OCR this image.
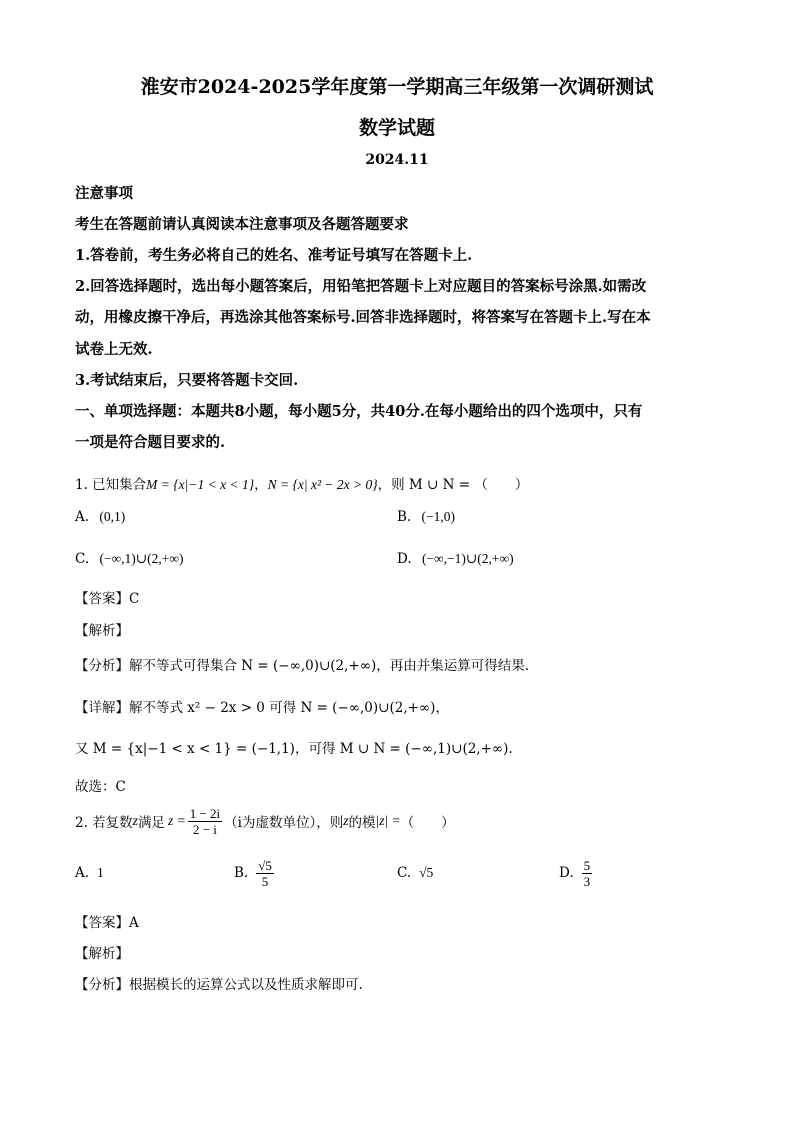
淮安市2024-2025学年度第一学期高三年级第一次调研测试
数学试题
2024.11
注意事项
考生在答题前请认真阅读本注意事项及各题答题要求
1.答卷前，考生务必将自己的姓名、准考证号填写在答题卡上.
2.回答选择题时，选出每小题答案后，用铅笔把答题卡上对应题目的答案标号涂黑.如需改
动，用橡皮擦干净后，再选涂其他答案标号.回答非选择题时，将答案写在答题卡上.写在本
试卷上无效.
3.考试结束后，只要将答题卡交回.
一、单项选择题：本题共8小题，每小题5分，共40分.在每小题给出的四个选项中，只有
一项是符合题目要求的.
1. 已知集合M = {x|−1 < x < 1}，N = {x| x² − 2x > 0}，则 M ∪ N = （　　）
A. (0,1)	B. (−1,0)
C. (−∞,1)∪(2,+∞)	D. (−∞,−1)∪(2,+∞)
【答案】C
【解析】
【分析】解不等式可得集合 N = (−∞,0)∪(2,+∞)，再由并集运算可得结果.
【详解】解不等式 x² − 2x > 0 可得 N = (−∞,0)∪(2,+∞)，
又 M = {x|−1 < x < 1} = (−1,1)，可得 M ∪ N = (−∞,1)∪(2,+∞).
故选：C
2. 若复数 z 满足 $z = \frac{1 - 2i}{2 - i} (i$为虚数单位），则 z 的模 |z| = （　　）
A. 1	B. $\frac{√5}{5}$	C. √5	D. $\frac{5}{3}$
【答案】A
【解析】
【分析】根据模长的运算公式以及性质求解即可.
